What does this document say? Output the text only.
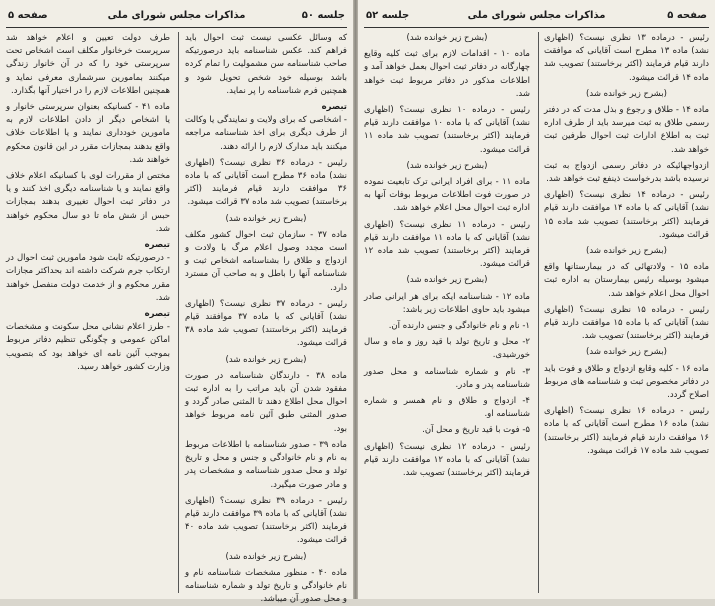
جلسه ۵۰
مذاکرات مجلس شورای ملی
صفحه ۵

که وسائل عکسی نیست ثبت احوال باید فراهم کند. عکس شناسنامه باید درصورتیکه صاحب شناسنامه سن مشمولیت را تمام کرده باشد بوسیله خود شخص تحویل شود و همچنین فرم شناسنامه را پر نماید.

تبصره

- اشخاصی که برای ولایت و نمایندگی یا وکالت از طرف دیگری برای اخذ شناسنامه مراجعه میکنند باید مدارک لازم را ارائه دهند.

رئیس - درماده ۳۶ نظری نیست؟ (اظهاری نشد) ماده ۳۶ مطرح است آقایانی که با ماده ۳۶ موافقت دارند قیام فرمایند (اکثر برخاستند) تصویب شد ماده ۳۷ قرائت میشود.

(بشرح زیر خوانده شد)

ماده ۳۷ - سازمان ثبت احوال کشور مکلف است مجدد وصول اعلام مرگ با ولادت و ازدواج و طلاق را بشناسنامه اشخاص ثبت و شناسنامه آنها را باطل و به صاحب آن مسترد دارد.

رئیس - درماده ۳۷ نظری نیست؟ (اظهاری نشد) آقایانی که با ماده ۳۷ موافقند قیام فرمایند (اکثر برخاستند) تصویب شد ماده ۳۸ قرائت میشود.

(بشرح زیر خوانده شد)

ماده ۳۸ - دارندگان شناسنامه در صورت مفقود شدن آن باید مراتب را به اداره ثبت احوال محل اطلاع دهند تا المثنی صادر گردد و صدور المثنی طبق آئین نامه مربوط خواهد بود.

ماده ۳۹ - صدور شناسنامه با اطلاعات مربوط به نام و نام خانوادگی و جنس و محل و تاریخ تولد و محل صدور شناسنامه و مشخصات پدر و مادر صورت میگیرد.

رئیس - درماده ۳۹ نظری نیست؟ (اظهاری نشد) آقایانی که با ماده ۳۹ موافقت دارند قیام فرمایند (اکثر برخاستند) تصویب شد ماده ۴۰ قرائت میشود.

(بشرح زیر خوانده شد)

ماده ۴۰ - منظور مشخصات شناسنامه نام و نام خانوادگی و تاریخ تولد و شماره شناسنامه و محل صدور آن میباشد.

طرف دولت تعیین و اعلام خواهد شد سرپرست خرخانوار مکلف است اشخاص تحت سرپرستی خود را که در آن خانوار زندگی میکنند بمامورین سرشماری معرفی نماید و همچنین اطلاعات لازم را در اختیار آنها بگذارد.

ماده ۴۱ - کسانیکه بعنوان سرپرستی خانوار و یا اشخاص دیگر از دادن اطلاعات لازم به مامورین خودداری نمایند و یا اطلاعات خلاف واقع بدهند بمجازات مقرر در این قانون محکوم خواهند شد.

مختص از مقررات لوی با کسانیکه اعلام خلاف واقع نمایند و یا شناسنامه دیگری اخذ کنند و یا در دفاتر ثبت احوال تغییری بدهند بمجازات حبس از شش ماه تا دو سال محکوم خواهند شد.

تبصره

- درصورتیکه ثابت شود مامورین ثبت احوال در ارتکاب جرم شرکت داشته اند بحداکثر مجازات مقرر محکوم و از خدمت دولت منفصل خواهند شد.

تبصره

- طرز اعلام نشانی محل سکونت و مشخصات اماکن عمومی و چگونگی تنظیم دفاتر مربوط بموجب آئین نامه ای خواهد بود که بتصویب وزارت کشور خواهد رسید.

صفحه ۵
مذاکرات مجلس شورای ملی
جلسه ۵۲

رئیس - درماده ۱۳ نظری نیست؟ (اظهاری نشد) ماده ۱۳ مطرح است آقایانی که موافقت دارند قیام فرمایند (اکثر برخاستند) تصویب شد ماده ۱۴ قرائت میشود.

(بشرح زیر خوانده شد)

ماده ۱۴ - طلاق و رجوع و بذل مدت که در دفتر رسمی طلاق به ثبت میرسد باید از طرف اداره ثبت به اطلاع ادارات ثبت احوال طرفین ثبت خواهد شد.

ازدواجهائیکه در دفاتر رسمی ازدواج به ثبت نرسیده باشد بدرخواست ذینفع ثبت خواهد شد.

رئیس - درماده ۱۴ نظری نیست؟ (اظهاری نشد) آقایانی که با ماده ۱۴ موافقت دارند قیام فرمایند (اکثر برخاستند) تصویب شد ماده ۱۵ قرائت میشود.

(بشرح زیر خوانده شد)

ماده ۱۵ - ولادتهائی که در بیمارستانها واقع میشود بوسیله رئیس بیمارستان به اداره ثبت احوال محل اعلام خواهد شد.

رئیس - درماده ۱۵ نظری نیست؟ (اظهاری نشد) آقایانی که با ماده ۱۵ موافقت دارند قیام فرمایند (اکثر برخاستند) تصویب شد.

(بشرح زیر خوانده شد)

ماده ۱۶ - کلیه وقایع ازدواج و طلاق و فوت باید در دفاتر مخصوص ثبت و شناسنامه های مربوط اصلاح گردد.

رئیس - درماده ۱۶ نظری نیست؟ (اظهاری نشد) ماده ۱۶ مطرح است آقایانی که با ماده ۱۶ موافقت دارند قیام فرمایند (اکثر برخاستند) تصویب شد ماده ۱۷ قرائت میشود.

(بشرح زیر خوانده شد)

ماده ۱۰ - اقدامات لازم برای ثبت کلیه وقایع چهارگانه در دفاتر ثبت احوال بعمل خواهد آمد و اطلاعات مذکور در دفاتر مربوط ثبت خواهد شد.

رئیس - درماده ۱۰ نظری نیست؟ (اظهاری نشد) آقایانی که با ماده ۱۰ موافقت دارند قیام فرمایند (اکثر برخاستند) تصویب شد ماده ۱۱ قرائت میشود.

(بشرح زیر خوانده شد)

ماده ۱۱ - برای افراد ایرانی ترک تابعیت نموده در صورت فوت اطلاعات مربوط بوفات آنها به اداره ثبت احوال محل اعلام خواهد شد.

رئیس - درماده ۱۱ نظری نیست؟ (اظهاری نشد) آقایانی که با ماده ۱۱ موافقت دارند قیام فرمایند (اکثر برخاستند) تصویب شد ماده ۱۲ قرائت میشود.

(بشرح زیر خوانده شد)

ماده ۱۲ - شناسنامه ایکه برای هر ایرانی صادر میشود باید حاوی اطلاعات زیر باشد:

۱- نام و نام خانوادگی و جنس دارنده آن.

۲- محل و تاریخ تولد با قید روز و ماه و سال خورشیدی.

۳- نام و شماره شناسنامه و محل صدور شناسنامه پدر و مادر.

۴- ازدواج و طلاق و نام همسر و شماره شناسنامه او.

۵- فوت با قید تاریخ و محل آن.

رئیس - درماده ۱۲ نظری نیست؟ (اظهاری نشد) آقایانی که با ماده ۱۲ موافقت دارند قیام فرمایند (اکثر برخاستند) تصویب شد.
